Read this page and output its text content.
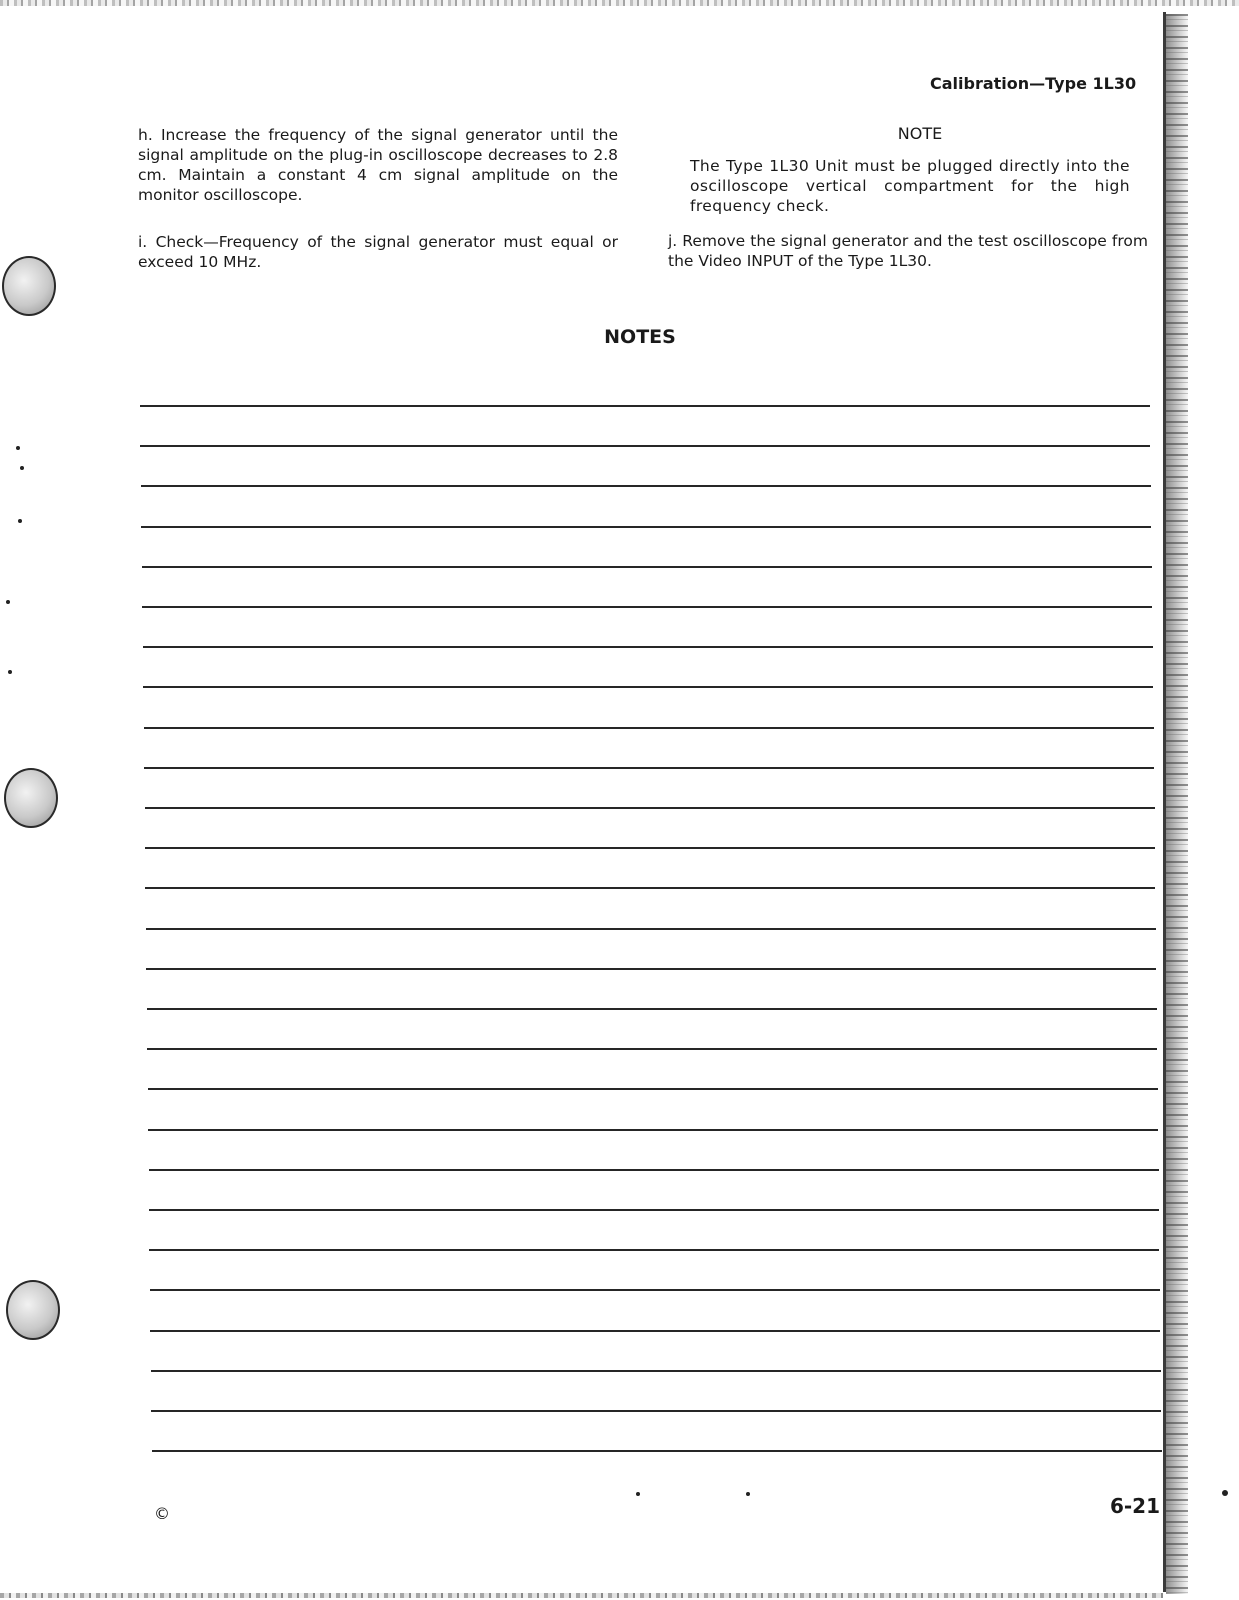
Calibration—Type 1L30
h. Increase the frequency of the signal generator until the signal amplitude on the plug-in oscilloscope decreases to 2.8 cm. Maintain a constant 4 cm signal amplitude on the monitor oscilloscope.
i. Check—Frequency of the signal generator must equal or exceed 10 MHz.
NOTE
The Type 1L30 Unit must be plugged directly into the oscilloscope vertical compartment for the high frequency check.
j. Remove the signal generator and the test oscilloscope from the Video INPUT of the Type 1L30.
NOTES
©	6-21
